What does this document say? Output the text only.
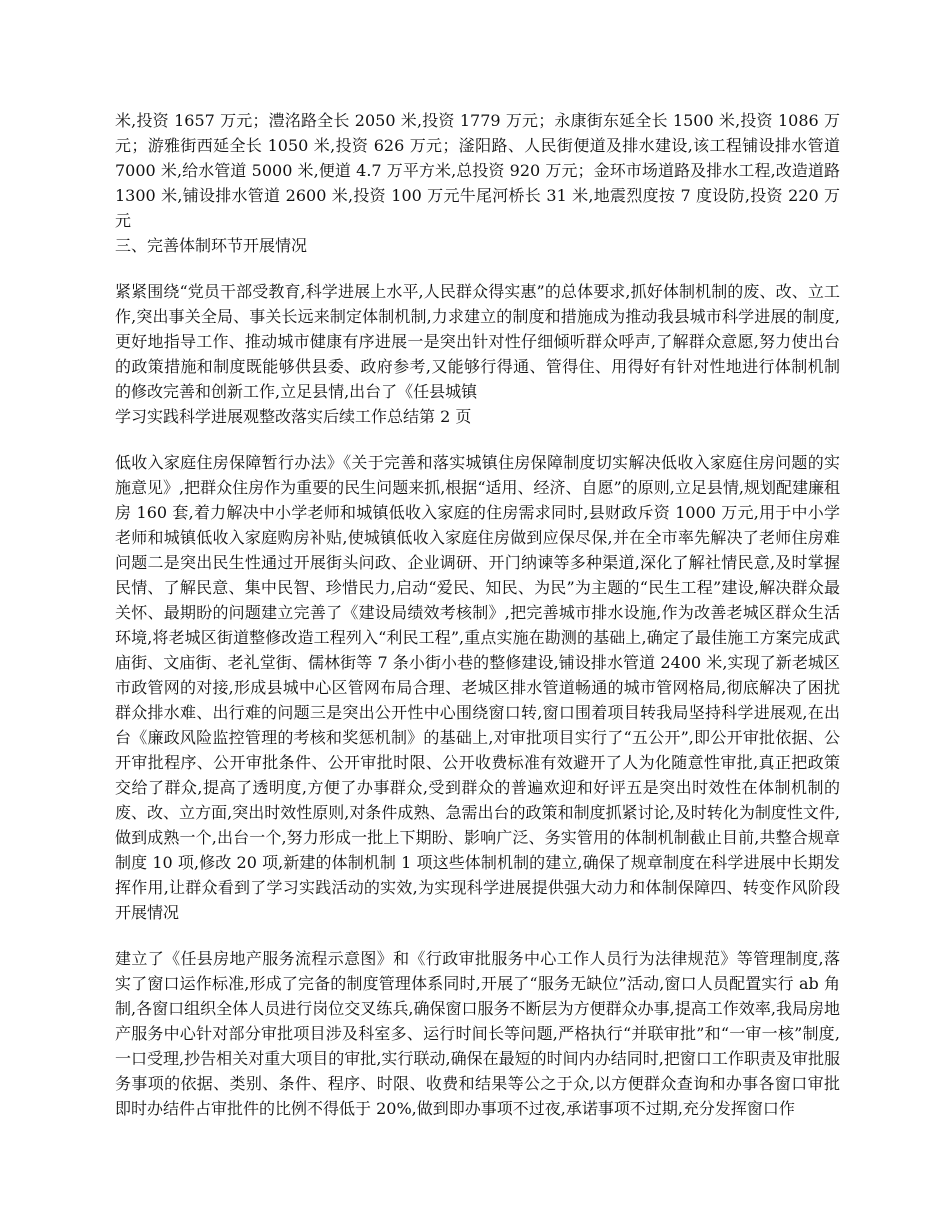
米,投资 1657 万元；澧洺路全长 2050 米,投资 1779 万元；永康街东延全长 1500 米,投资 1086 万元；游雅街西延全长 1050 米,投资 626 万元；滏阳路、人民街便道及排水建设,该工程铺设排水管道 7000 米,给水管道 5000 米,便道 4.7 万平方米,总投资 920 万元；金环市场道路及排水工程,改造道路 1300 米,铺设排水管道 2600 米,投资 100 万元牛尾河桥长 31 米,地震烈度按 7 度设防,投资 220 万元

三、完善体制环节开展情况

紧紧围绕“党员干部受教育,科学进展上水平,人民群众得实惠”的总体要求,抓好体制机制的废、改、立工作,突出事关全局、事关长远来制定体制机制,力求建立的制度和措施成为推动我县城市科学进展的制度,更好地指导工作、推动城市健康有序进展一是突出针对性仔细倾听群众呼声,了解群众意愿,努力使出台的政策措施和制度既能够供县委、政府参考,又能够行得通、管得住、用得好有针对性地进行体制机制的修改完善和创新工作,立足县情,出台了《任县城镇

学习实践科学进展观整改落实后续工作总结第 2 页

低收入家庭住房保障暂行办法》《关于完善和落实城镇住房保障制度切实解决低收入家庭住房问题的实施意见》,把群众住房作为重要的民生问题来抓,根据“适用、经济、自愿”的原则,立足县情,规划配建廉租房 160 套,着力解决中小学老师和城镇低收入家庭的住房需求同时,县财政斥资 1000 万元,用于中小学老师和城镇低收入家庭购房补贴,使城镇低收入家庭住房做到应保尽保,并在全市率先解决了老师住房难问题二是突出民生性通过开展街头问政、企业调研、开门纳谏等多种渠道,深化了解社情民意,及时掌握民情、了解民意、集中民智、珍惜民力,启动“爱民、知民、为民”为主题的“民生工程”建设,解决群众最关怀、最期盼的问题建立完善了《建设局绩效考核制》,把完善城市排水设施,作为改善老城区群众生活环境,将老城区街道整修改造工程列入“利民工程”,重点实施在勘测的基础上,确定了最佳施工方案完成武庙街、文庙街、老礼堂街、儒林街等 7 条小街小巷的整修建设,铺设排水管道 2400 米,实现了新老城区市政管网的对接,形成县城中心区管网布局合理、老城区排水管道畅通的城市管网格局,彻底解决了困扰群众排水难、出行难的问题三是突出公开性中心围绕窗口转,窗口围着项目转我局坚持科学进展观,在出台《廉政风险监控管理的考核和奖惩机制》的基础上,对审批项目实行了“五公开”,即公开审批依据、公开审批程序、公开审批条件、公开审批时限、公开收费标准有效避开了人为化随意性审批,真正把政策交给了群众,提高了透明度,方便了办事群众,受到群众的普遍欢迎和好评五是突出时效性在体制机制的废、改、立方面,突出时效性原则,对条件成熟、急需出台的政策和制度抓紧讨论,及时转化为制度性文件,做到成熟一个,出台一个,努力形成一批上下期盼、影响广泛、务实管用的体制机制截止目前,共整合规章制度 10 项,修改 20 项,新建的体制机制 1 项这些体制机制的建立,确保了规章制度在科学进展中长期发挥作用,让群众看到了学习实践活动的实效,为实现科学进展提供强大动力和体制保障四、转变作风阶段开展情况

建立了《任县房地产服务流程示意图》和《行政审批服务中心工作人员行为法律规范》等管理制度,落实了窗口运作标准,形成了完备的制度管理体系同时,开展了“服务无缺位”活动,窗口人员配置实行 ab 角制,各窗口组织全体人员进行岗位交叉练兵,确保窗口服务不断层为方便群众办事,提高工作效率,我局房地产服务中心针对部分审批项目涉及科室多、运行时间长等问题,严格执行“并联审批”和“一审一核”制度,一口受理,抄告相关对重大项目的审批,实行联动,确保在最短的时间内办结同时,把窗口工作职责及审批服务事项的依据、类别、条件、程序、时限、收费和结果等公之于众,以方便群众查询和办事各窗口审批即时办结件占审批件的比例不得低于 20%,做到即办事项不过夜,承诺事项不过期,充分发挥窗口作
